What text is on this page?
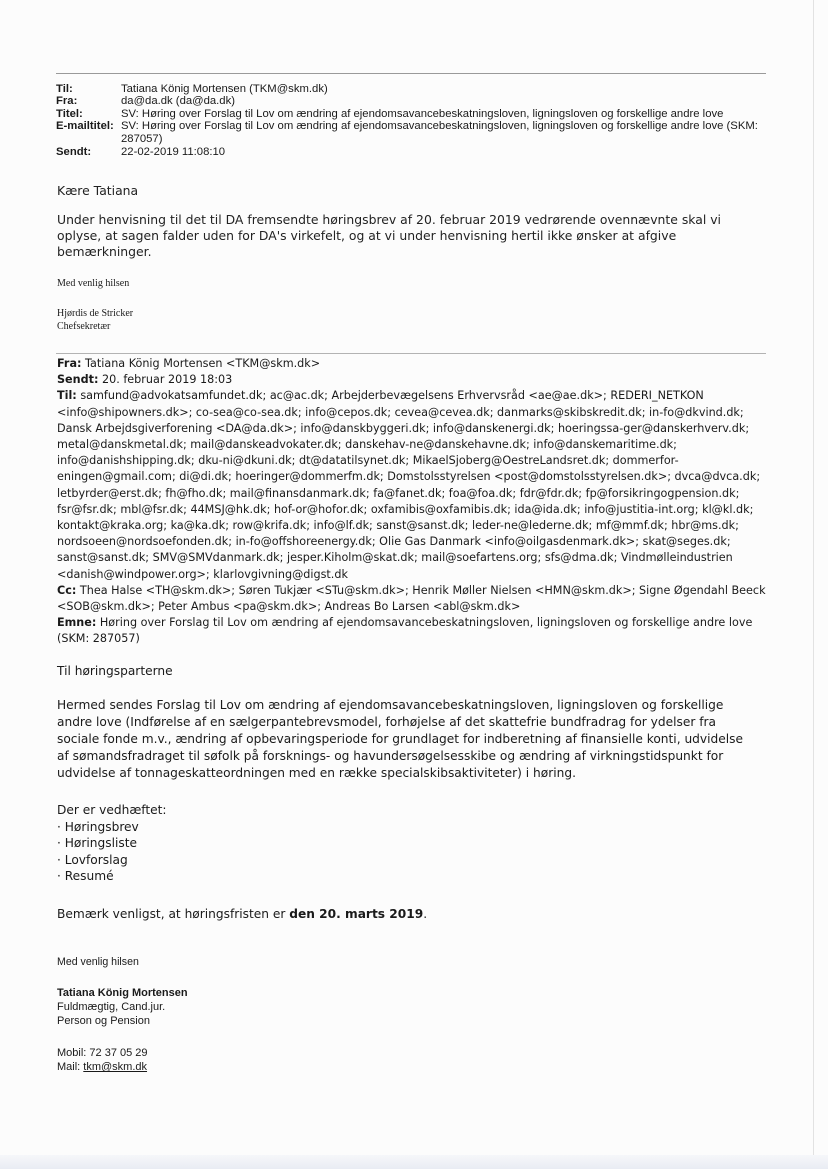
Til:	Tatiana König Mortensen (TKM@skm.dk)
Fra:	da@da.dk (da@da.dk)
Titel:	SV: Høring over Forslag til Lov om ændring af ejendomsavancebeskatningsloven, ligningsloven og forskellige andre love
E-mailtitel:	SV: Høring over Forslag til Lov om ændring af ejendomsavancebeskatningsloven, ligningsloven og forskellige andre love (SKM: 287057)
Sendt:	22-02-2019 11:08:10
Kære Tatiana
Under henvisning til det til DA fremsendte høringsbrev af 20. februar 2019 vedrørende ovennævnte skal vi oplyse, at sagen falder uden for DA's virkefelt, og at vi under henvisning hertil ikke ønsker at afgive bemærkninger.
Med venlig hilsen
Hjørdis de Stricker
Chefsekretær
Fra: Tatiana König Mortensen <TKM@skm.dk>
Sendt: 20. februar 2019 18:03
Til: samfund@advokatsamfundet.dk; ac@ac.dk; Arbejderbevægelsens Erhvervsråd <ae@ae.dk>; REDERI_NETKON <info@shipowners.dk>; co-sea@co-sea.dk; info@cepos.dk; cevea@cevea.dk; danmarks@skibskredit.dk; in-fo@dkvind.dk; Dansk Arbejdsgiverforening <DA@da.dk>; info@danskbyggeri.dk; info@danskenergi.dk; hoeringssa-ger@danskerhverv.dk; metal@danskmetal.dk; mail@danskeadvokater.dk; danskehav-ne@danskehavne.dk; info@danskemaritime.dk; info@danishshipping.dk; dku-ni@dkuni.dk; dt@datatilsynet.dk; MikaelSjoberg@OestreLandsret.dk; dommerfor-eningen@gmail.com; di@di.dk; hoeringer@dommerfm.dk; Domstolsstyrelsen <post@domstolsstyrelsen.dk>; dvca@dvca.dk; letbyrder@erst.dk; fh@fho.dk; mail@finansdanmark.dk; fa@fanet.dk; foa@foa.dk; fdr@fdr.dk; fp@forsikringogpension.dk; fsr@fsr.dk; mbl@fsr.dk; 44MSJ@hk.dk; hof-or@hofor.dk; oxfamibis@oxfamibis.dk; ida@ida.dk; info@justitia-int.org; kl@kl.dk; kontakt@kraka.org; ka@ka.dk; row@krifa.dk; info@lf.dk; sanst@sanst.dk; leder-ne@lederne.dk; mf@mmf.dk; hbr@ms.dk; nordsoeen@nordsoefonden.dk; in-fo@offshoreenergy.dk; Olie Gas Danmark <info@oilgasdenmark.dk>; skat@seges.dk; sanst@sanst.dk; SMV@SMVdanmark.dk; jesper.Kiholm@skat.dk; mail@soefartens.org; sfs@dma.dk; Vindmølleindustrien <danish@windpower.org>; klarlovgivning@digst.dk
Cc: Thea Halse <TH@skm.dk>; Søren Tukjær <STu@skm.dk>; Henrik Møller Nielsen <HMN@skm.dk>; Signe Øgendahl Beeck <SOB@skm.dk>; Peter Ambus <pa@skm.dk>; Andreas Bo Larsen <abl@skm.dk>
Emne: Høring over Forslag til Lov om ændring af ejendomsavancebeskatningsloven, ligningsloven og forskellige andre love (SKM: 287057)
Til høringsparterne
Hermed sendes Forslag til Lov om ændring af ejendomsavancebeskatningsloven, ligningsloven og forskellige andre love (Indførelse af en sælgerpantebrevsmodel, forhøjelse af det skattefrie bundfradrag for ydelser fra sociale fonde m.v., ændring af opbevaringsperiode for grundlaget for indberetning af finansielle konti, udvidelse af sømandsfradraget til søfolk på forsknings- og havundersøgelsesskibe og ændring af virkningstidspunkt for udvidelse af tonnageskatteordningen med en række specialskibsaktiviteter) i høring.
Der er vedhæftet:
· Høringsbrev
· Høringsliste
· Lovforslag
· Resumé
Bemærk venligst, at høringsfristen er den 20. marts 2019.
Med venlig hilsen
Tatiana König Mortensen
Fuldmægtig, Cand.jur.
Person og Pension
Mobil: 72 37 05 29
Mail: tkm@skm.dk
